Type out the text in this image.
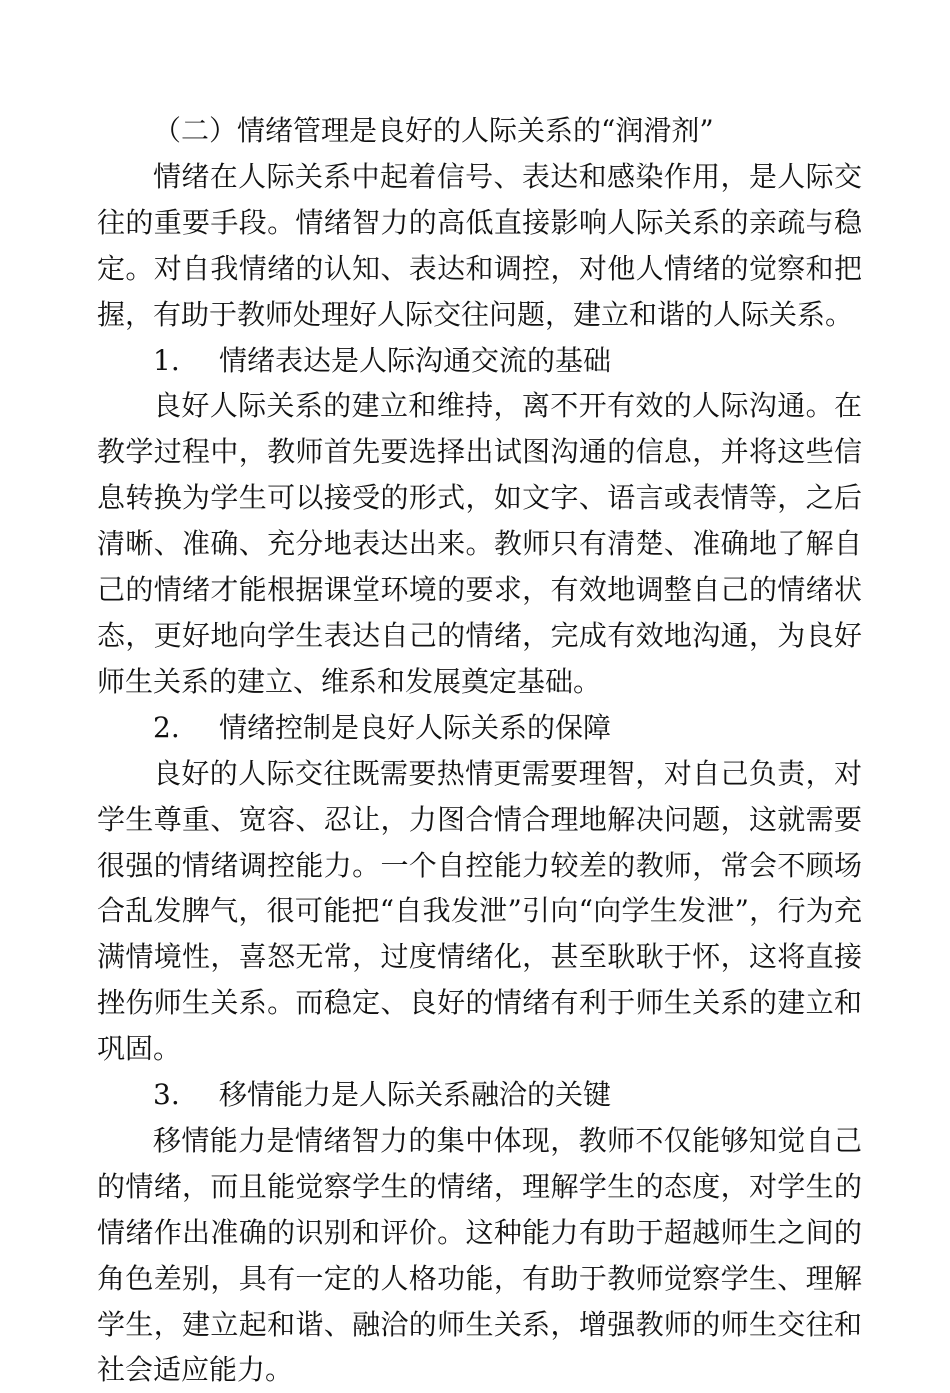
（二）情绪管理是良好的人际关系的“润滑剂”

情绪在人际关系中起着信号、表达和感染作用，是人际交往的重要手段。情绪智力的高低直接影响人际关系的亲疏与稳定。对自我情绪的认知、表达和调控，对他人情绪的觉察和把握，有助于教师处理好人际交往问题，建立和谐的人际关系。

1. 情绪表达是人际沟通交流的基础

良好人际关系的建立和维持，离不开有效的人际沟通。在教学过程中，教师首先要选择出试图沟通的信息，并将这些信息转换为学生可以接受的形式，如文字、语言或表情等，之后清晰、准确、充分地表达出来。教师只有清楚、准确地了解自己的情绪才能根据课堂环境的要求，有效地调整自己的情绪状态，更好地向学生表达自己的情绪，完成有效地沟通，为良好师生关系的建立、维系和发展奠定基础。

2. 情绪控制是良好人际关系的保障

良好的人际交往既需要热情更需要理智，对自己负责，对学生尊重、宽容、忍让，力图合情合理地解决问题，这就需要很强的情绪调控能力。一个自控能力较差的教师，常会不顾场合乱发脾气，很可能把“自我发泄”引向“向学生发泄”，行为充满情境性，喜怒无常，过度情绪化，甚至耿耿于怀，这将直接挫伤师生关系。而稳定、良好的情绪有利于师生关系的建立和巩固。

3. 移情能力是人际关系融洽的关键

移情能力是情绪智力的集中体现，教师不仅能够知觉自己的情绪，而且能觉察学生的情绪，理解学生的态度，对学生的情绪作出准确的识别和评价。这种能力有助于超越师生之间的角色差别，具有一定的人格功能，有助于教师觉察学生、理解学生，建立起和谐、融洽的师生关系，增强教师的师生交往和社会适应能力。
